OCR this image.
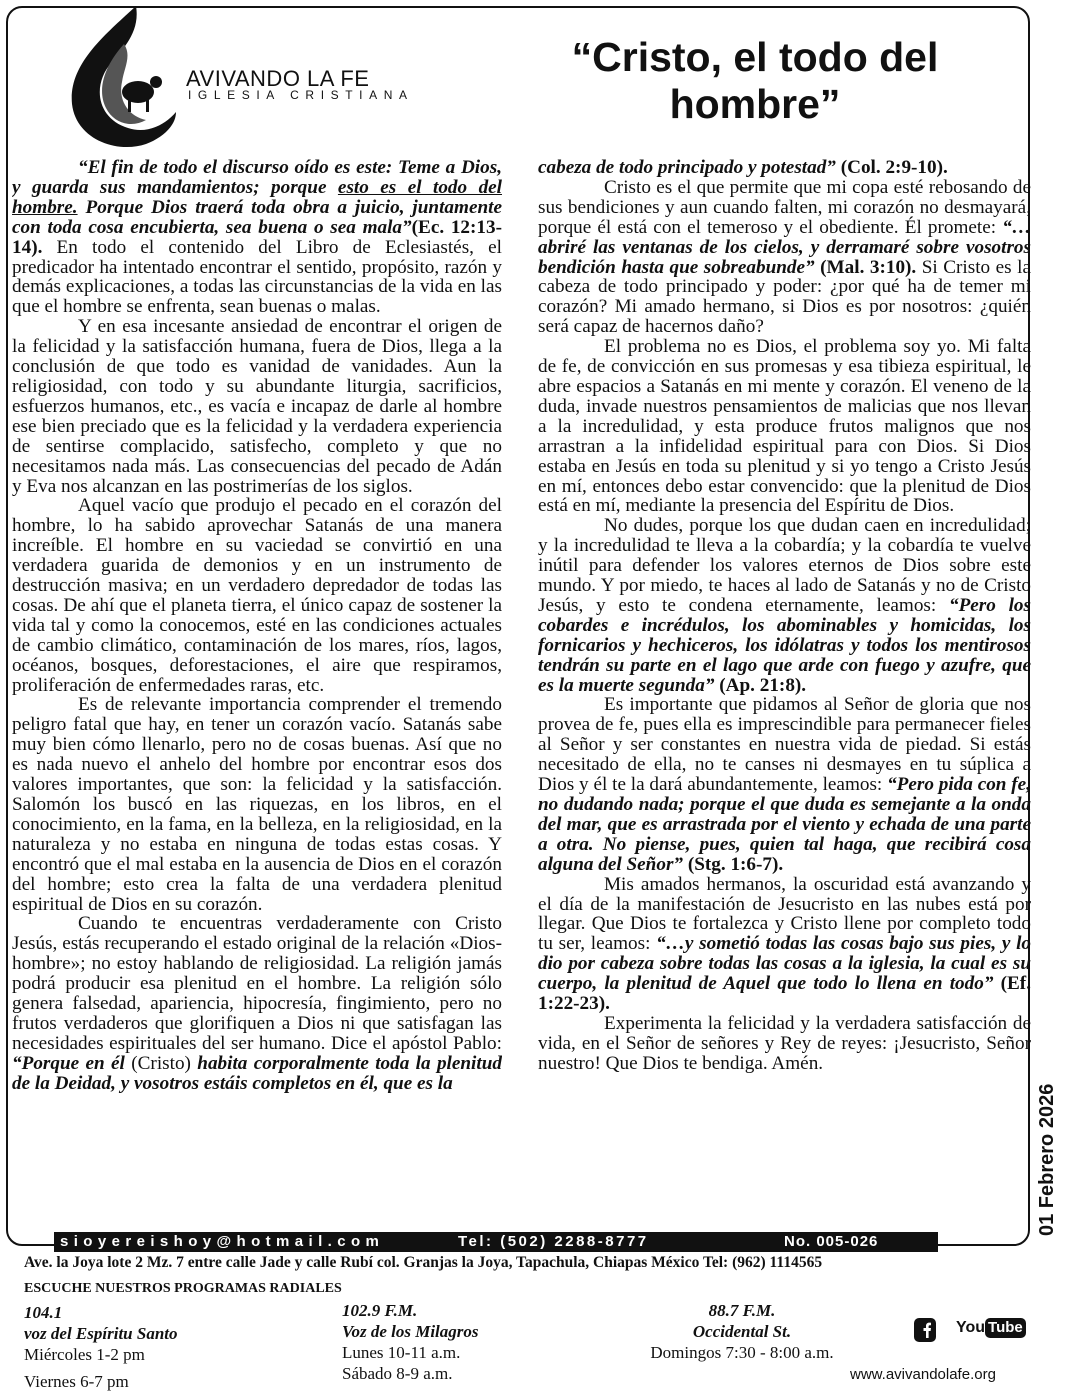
AVIVANDO LA FE
IGLESIA CRISTIANA
“Cristo, el todo del hombre”

“El fin de todo el discurso oído es este: Teme a Dios, y guarda sus mandamientos; porque esto es el todo del hombre. Porque Dios traerá toda obra a juicio, juntamente con toda cosa encubierta, sea buena o sea mala”(Ec. 12:13-14). En todo el contenido del Libro de Eclesiastés, el predicador ha intentado encontrar el sentido, propósito, razón y demás explicaciones, a todas las circunstancias de la vida en las que el hombre se enfrenta, sean buenas o malas.

Y en esa incesante ansiedad de encontrar el origen de la felicidad y la satisfacción humana, fuera de Dios, llega a la conclusión de que todo es vanidad de vanidades. Aun la religiosidad, con todo y su abundante liturgia, sacrificios, esfuerzos humanos, etc., es vacía e incapaz de darle al hombre ese bien preciado que es la felicidad y la verdadera experiencia de sentirse complacido, satisfecho, completo y que no necesitamos nada más. Las consecuencias del pecado de Adán y Eva nos alcanzan en las postrimerías de los siglos.

Aquel vacío que produjo el pecado en el corazón del hombre, lo ha sabido aprovechar Satanás de una manera increíble. El hombre en su vaciedad se convirtió en una verdadera guarida de demonios y en un instrumento de destrucción masiva; en un verdadero depredador de todas las cosas. De ahí que el planeta tierra, el único capaz de sostener la vida tal y como la conocemos, esté en las condiciones actuales de cambio climático, contaminación de los mares, ríos, lagos, océanos, bosques, deforestaciones, el aire que respiramos, proliferación de enfermedades raras, etc.

Es de relevante importancia comprender el tremendo peligro fatal que hay, en tener un corazón vacío. Satanás sabe muy bien cómo llenarlo, pero no de cosas buenas. Así que no es nada nuevo el anhelo del hombre por encontrar esos dos valores importantes, que son: la felicidad y la satisfacción. Salomón los buscó en las riquezas, en los libros, en el conocimiento, en la fama, en la belleza, en la religiosidad, en la naturaleza y no estaba en ninguna de todas estas cosas. Y encontró que el mal estaba en la ausencia de Dios en el corazón del hombre; esto crea la falta de una verdadera plenitud espiritual de Dios en su corazón.

Cuando te encuentras verdaderamente con Cristo Jesús, estás recuperando el estado original de la relación «Dios-hombre»; no estoy hablando de religiosidad. La religión jamás podrá producir esa plenitud en el hombre. La religión sólo genera falsedad, apariencia, hipocresía, fingimiento, pero no frutos verdaderos que glorifiquen a Dios ni que satisfagan las necesidades espirituales del ser humano. Dice el apóstol Pablo: “Porque en él (Cristo) habita corporalmente toda la plenitud de la Deidad, y vosotros estáis completos en él, que es la

cabeza de todo principado y potestad” (Col. 2:9-10).

Cristo es el que permite que mi copa esté rebosando de sus bendiciones y aun cuando falten, mi corazón no desmayará, porque él está con el temeroso y el obediente. Él promete: “…abriré las ventanas de los cielos, y derramaré sobre vosotros bendición hasta que sobreabunde” (Mal. 3:10). Si Cristo es la cabeza de todo principado y poder: ¿por qué ha de temer mi corazón? Mi amado hermano, si Dios es por nosotros: ¿quién será capaz de hacernos daño?

El problema no es Dios, el problema soy yo. Mi falta de fe, de convicción en sus promesas y esa tibieza espiritual, le abre espacios a Satanás en mi mente y corazón. El veneno de la duda, invade nuestros pensamientos de malicias que nos llevan a la incredulidad, y esta produce frutos malignos que nos arrastran a la infidelidad espiritual para con Dios. Si Dios estaba en Jesús en toda su plenitud y si yo tengo a Cristo Jesús en mí, entonces debo estar convencido: que la plenitud de Dios está en mí, mediante la presencia del Espíritu de Dios.

No dudes, porque los que dudan caen en incredulidad; y la incredulidad te lleva a la cobardía; y la cobardía te vuelve inútil para defender los valores eternos de Dios sobre este mundo. Y por miedo, te haces al lado de Satanás y no de Cristo Jesús, y esto te condena eternamente, leamos: “Pero los cobardes e incrédulos, los abominables y homicidas, los fornicarios y hechiceros, los idólatras y todos los mentirosos tendrán su parte en el lago que arde con fuego y azufre, que es la muerte segunda” (Ap. 21:8).

Es importante que pidamos al Señor de gloria que nos provea de fe, pues ella es imprescindible para permanecer fieles al Señor y ser constantes en nuestra vida de piedad. Si estás necesitado de ella, no te canses ni desmayes en tu súplica a Dios y él te la dará abundantemente, leamos: “Pero pida con fe, no dudando nada; porque el que duda es semejante a la onda del mar, que es arrastrada por el viento y echada de una parte a otra. No piense, pues, quien tal haga, que recibirá cosa alguna del Señor” (Stg. 1:6-7).

Mis amados hermanos, la oscuridad está avanzando y el día de la manifestación de Jesucristo en las nubes está por llegar. Que Dios te fortalezca y Cristo llene por completo todo tu ser, leamos: “…y sometió todas las cosas bajo sus pies, y lo dio por cabeza sobre todas las cosas a la iglesia, la cual es su cuerpo, la plenitud de Aquel que todo lo llena en todo” (Ef. 1:22-23).

Experimenta la felicidad y la verdadera satisfacción de vida, en el Señor de señores y Rey de reyes: ¡Jesucristo, Señor nuestro! Que Dios te bendiga. Amén.

01 Febrero 2026
sioyereishoy@hotmail.com	Tel: (502) 2288-8777	No. 005-026
Ave. la Joya lote 2 Mz. 7 entre calle Jade y calle Rubí col. Granjas la Joya, Tapachula, Chiapas México Tel: (962) 1114565
ESCUCHE NUESTROS PROGRAMAS RADIALES
104.1
voz del Espíritu Santo
Miércoles 1-2 pm
Viernes 6-7 pm
102.9 F.M.
Voz de los Milagros
Lunes 10-11 a.m.
Sábado 8-9 a.m.
88.7 F.M.
Occidental St.
Domingos 7:30 - 8:00 a.m.
You Tube
www.avivandolafe.org
